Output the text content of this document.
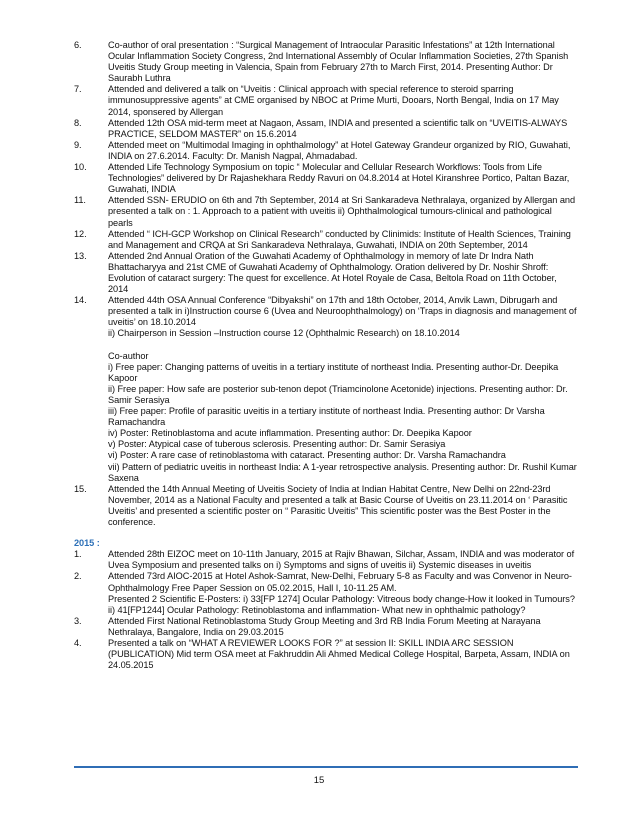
6.	Co-author of oral presentation : “Surgical Management of Intraocular Parasitic Infestations” at 12th International Ocular Inflammation Society Congress, 2nd International Assembly of Ocular Inflammation Societies, 27th Spanish Uveitis Study Group meeting in Valencia, Spain from February 27th to March First, 2014. Presenting Author: Dr Saurabh Luthra

7.	Attended and delivered a talk on “Uveitis : Clinical approach with special reference to steroid sparring immunosuppressive agents” at CME organised by NBOC at Prime Murti, Dooars, North Bengal, India on 17 May 2014, sponsered by Allergan

8.	Attended 12th OSA mid-term meet at Nagaon, Assam, INDIA and presented a scientific talk on “UVEITIS-ALWAYS PRACTICE, SELDOM MASTER” on 15.6.2014

9.	Attended meet on “Multimodal Imaging in ophthalmology” at Hotel Gateway Grandeur organized by RIO, Guwahati, INDIA on 27.6.2014. Faculty: Dr. Manish Nagpal, Ahmadabad.

10.	Attended Life Technology Symposium on topic “ Molecular and Cellular Research Workflows: Tools from Life Technologies” delivered by Dr Rajashekhara Reddy Ravuri on 04.8.2014 at Hotel Kiranshree Portico, Paltan Bazar, Guwahati, INDIA

11.	Attended SSN- ERUDIO on 6th and 7th September, 2014 at Sri Sankaradeva Nethralaya, organized by Allergan and presented a talk on : 1. Approach to a patient with uveitis ii) Ophthalmological tumours-clinical and pathological pearls

12.	Attended “ ICH-GCP Workshop on Clinical Research” conducted by Clinimids: Institute of Health Sciences, Training and Management and CRQA at Sri Sankaradeva Nethralaya, Guwahati, INDIA on 20th September, 2014

13.	Attended 2nd Annual Oration of the Guwahati Academy of Ophthalmology in memory of late Dr Indra Nath Bhattacharyya and 21st CME of Guwahati Academy of Ophthalmology. Oration delivered by Dr. Noshir Shroff: Evolution of cataract surgery: The quest for excellence. At Hotel Royale de Casa, Beltola Road on 11th October, 2014

14.	Attended 44th OSA Annual Conference “Dibyakshi” on 17th and 18th October, 2014, Anvik Lawn, Dibrugarh and presented a talk in i)Instruction course 6 (Uvea and Neuroophthalmology) on ‘Traps in diagnosis and management of uveitis’ on 18.10.2014

ii) Chairperson in Session –Instruction course 12 (Ophthalmic Research) on 18.10.2014

Co-author

i) Free paper: Changing patterns of uveitis in a tertiary institute of northeast India. Presenting author-Dr. Deepika Kapoor

ii) Free paper: How safe are posterior sub-tenon depot (Triamcinolone Acetonide) injections. Presenting author: Dr. Samir Serasiya

iii) Free paper: Profile of parasitic uveitis in a tertiary institute of northeast India. Presenting author: Dr Varsha Ramachandra

iv) Poster: Retinoblastoma and acute inflammation. Presenting author: Dr. Deepika Kapoor

v) Poster: Atypical case of tuberous sclerosis. Presenting author: Dr. Samir Serasiya

vi) Poster: A rare case of retinoblastoma with cataract. Presenting author: Dr. Varsha Ramachandra

vii) Pattern of pediatric uveitis in northeast India: A 1-year retrospective analysis. Presenting author: Dr. Rushil Kumar Saxena

15.	Attended the 14th Annual Meeting of Uveitis Society of India at Indian Habitat Centre, New Delhi on 22nd-23rd November, 2014 as a National Faculty and presented a talk at Basic Course of Uveitis on 23.11.2014 on ‘ Parasitic Uveitis’ and presented a scientific poster on “ Parasitic Uveitis” This scientific poster was the Best Poster in the conference.

2015 :
1.	Attended 28th EIZOC meet on 10-11th January, 2015 at Rajiv Bhawan, Silchar, Assam, INDIA and was moderator of Uvea Symposium and presented talks on i) Symptoms and signs of uveitis ii) Systemic diseases in uveitis

2.	Attended 73rd AIOC-2015 at Hotel Ashok-Samrat, New-Delhi, February 5-8 as Faculty and was Convenor in Neuro-Ophthalmology Free Paper Session on 05.02.2015, Hall I, 10-11.25 AM.

Presented 2 Scientific E-Posters: i) 33[FP 1274] Ocular Pathology: Vitreous body change-How it looked in Tumours? ii) 41[FP1244] Ocular Pathology: Retinoblastoma and inflammation- What new in ophthalmic pathology?

3.	Attended First National Retinoblastoma Study Group Meeting and 3rd RB India Forum Meeting at Narayana Nethralaya, Bangalore, India on 29.03.2015

4.	Presented a talk on “WHAT A REVIEWER LOOKS FOR ?” at session II: SKILL INDIA ARC SESSION (PUBLICATION) Mid term OSA meet at Fakhruddin Ali Ahmed Medical College Hospital, Barpeta, Assam, INDIA on 24.05.2015

15
